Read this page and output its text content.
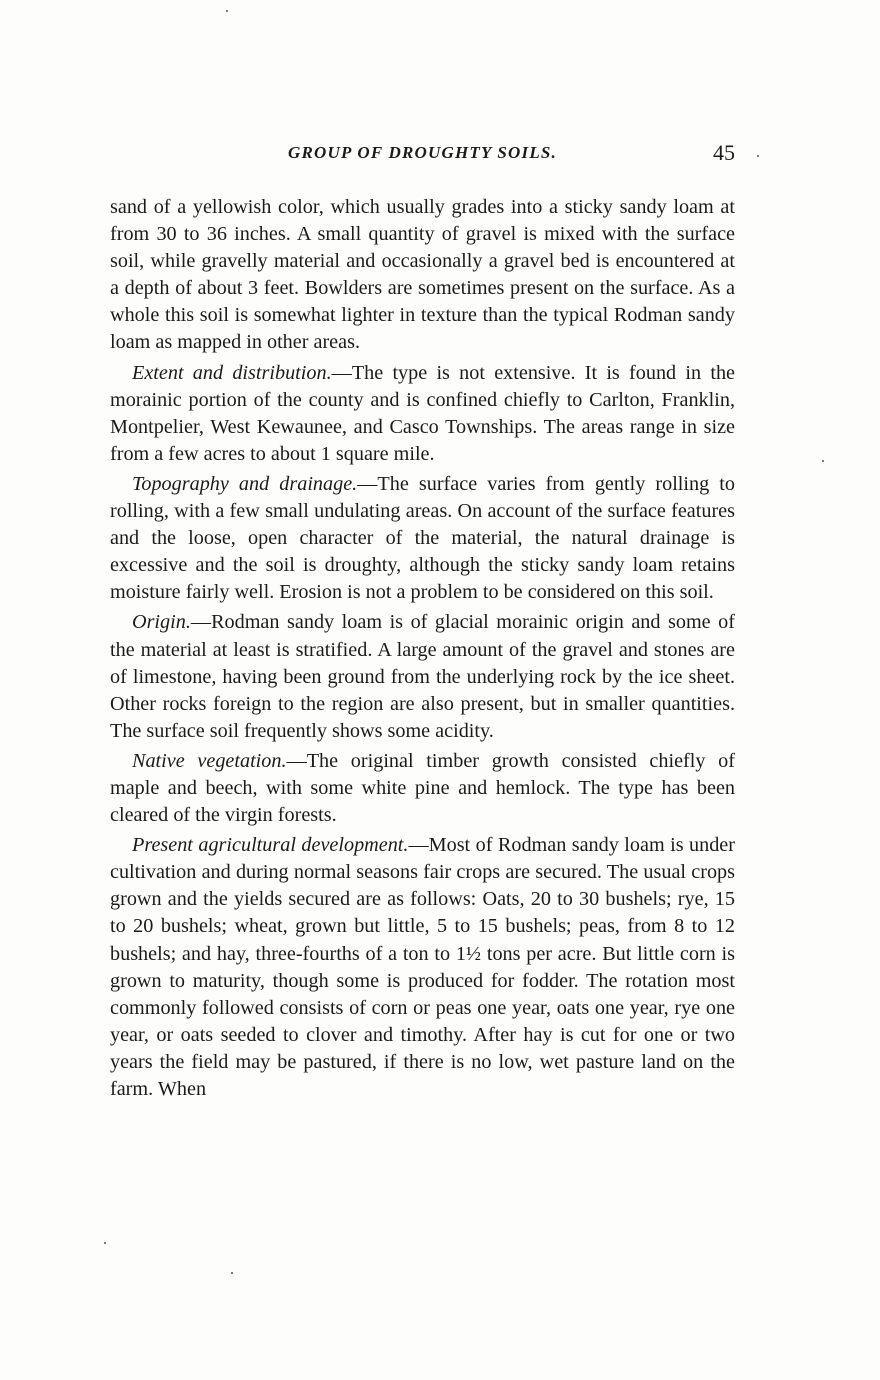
GROUP OF DROUGHTY SOILS.	45

sand of a yellowish color, which usually grades into a sticky sandy loam at from 30 to 36 inches. A small quantity of gravel is mixed with the surface soil, while gravelly material and occasionally a gravel bed is encountered at a depth of about 3 feet. Bowlders are sometimes present on the surface. As a whole this soil is somewhat lighter in texture than the typical Rodman sandy loam as mapped in other areas.

Extent and distribution.—The type is not extensive. It is found in the morainic portion of the county and is confined chiefly to Carlton, Franklin, Montpelier, West Kewaunee, and Casco Townships. The areas range in size from a few acres to about 1 square mile.

Topography and drainage.—The surface varies from gently rolling to rolling, with a few small undulating areas. On account of the surface features and the loose, open character of the material, the natural drainage is excessive and the soil is droughty, although the sticky sandy loam retains moisture fairly well. Erosion is not a problem to be considered on this soil.

Origin.—Rodman sandy loam is of glacial morainic origin and some of the material at least is stratified. A large amount of the gravel and stones are of limestone, having been ground from the underlying rock by the ice sheet. Other rocks foreign to the region are also present, but in smaller quantities. The surface soil frequently shows some acidity.

Native vegetation.—The original timber growth consisted chiefly of maple and beech, with some white pine and hemlock. The type has been cleared of the virgin forests.

Present agricultural development.—Most of Rodman sandy loam is under cultivation and during normal seasons fair crops are secured. The usual crops grown and the yields secured are as follows: Oats, 20 to 30 bushels; rye, 15 to 20 bushels; wheat, grown but little, 5 to 15 bushels; peas, from 8 to 12 bushels; and hay, three-fourths of a ton to 1½ tons per acre. But little corn is grown to maturity, though some is produced for fodder. The rotation most commonly followed consists of corn or peas one year, oats one year, rye one year, or oats seeded to clover and timothy. After hay is cut for one or two years the field may be pastured, if there is no low, wet pasture land on the farm. When
